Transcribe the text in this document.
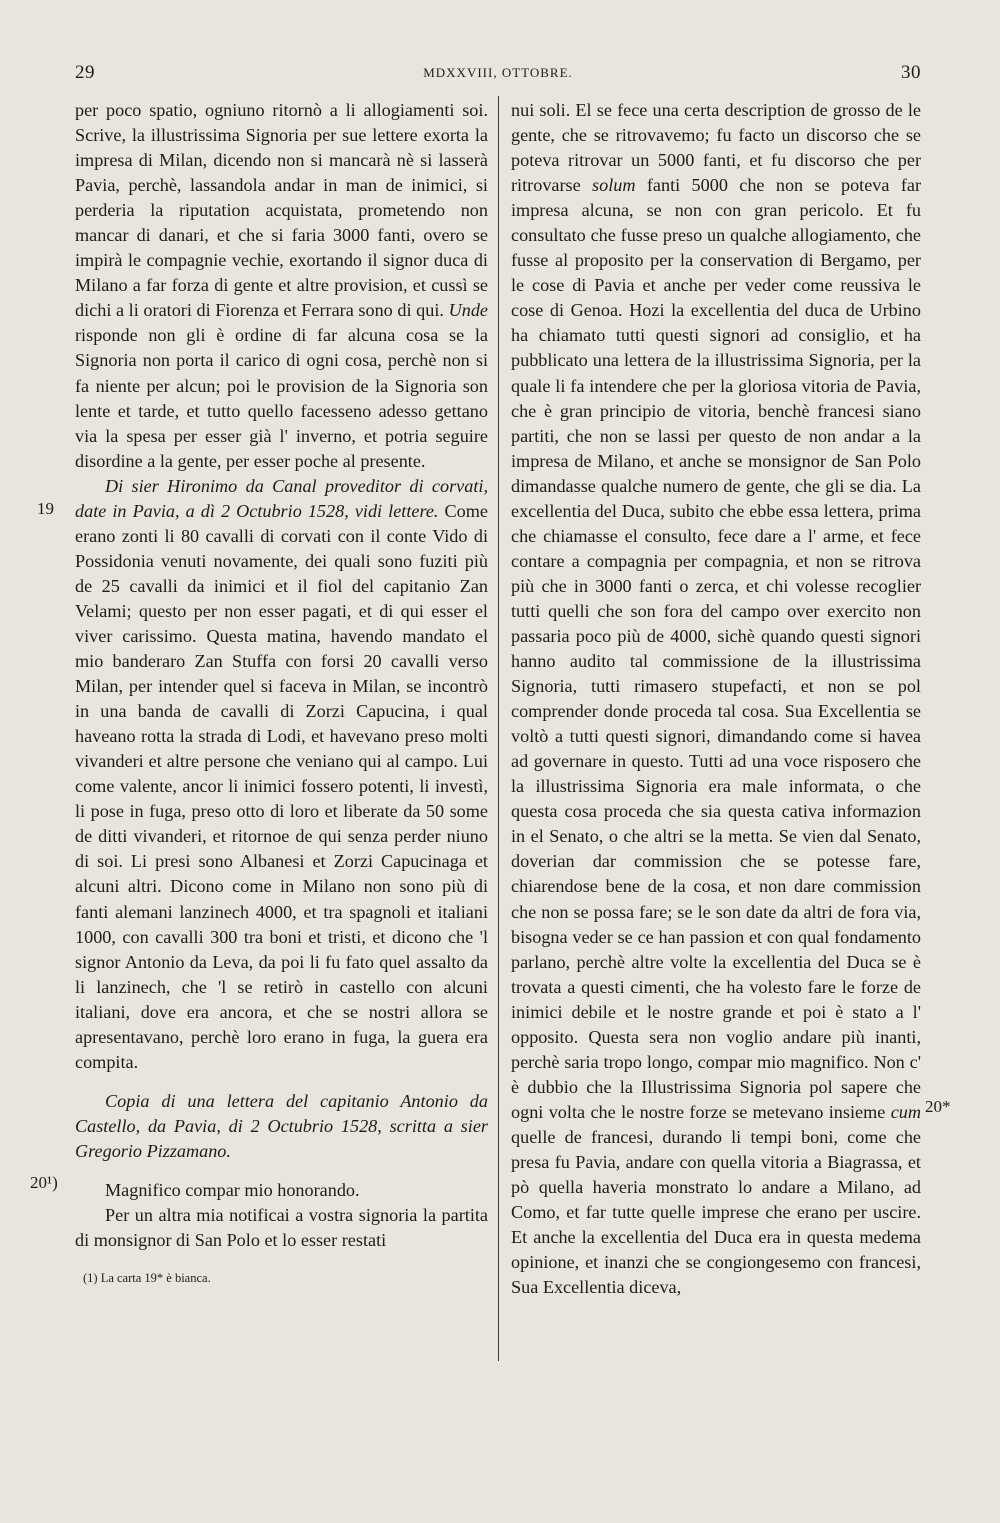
29	MDXXVIII, OTTOBRE.	30
19
20¹)
20*

per poco spatio, ogniuno ritornò a li allogiamenti soi. Scrive, la illustrissima Signoria per sue lettere exorta la impresa di Milan, dicendo non si mancarà nè si lasserà Pavia, perchè, lassandola andar in man de inimici, si perderia la riputation acquistata, prometendo non mancar di danari, et che si faria 3000 fanti, overo se impirà le compagnie vechie, exortando il signor duca di Milano a far forza di gente et altre provision, et cussì se dichi a li oratori di Fiorenza et Ferrara sono di qui. Unde risponde non gli è ordine di far alcuna cosa se la Signoria non porta il carico di ogni cosa, perchè non si fa niente per alcun; poi le provision de la Signoria son lente et tarde, et tutto quello facesseno adesso gettano via la spesa per esser già l' inverno, et potria seguire disordine a la gente, per esser poche al presente.

Di sier Hironimo da Canal proveditor di corvati, date in Pavia, a dì 2 Octubrio 1528, vidi lettere. Come erano zonti li 80 cavalli di corvati con il conte Vido di Possidonia venuti novamente, dei quali sono fuziti più de 25 cavalli da inimici et il fiol del capitanio Zan Velami; questo per non esser pagati, et di qui esser el viver carissimo. Questa matina, havendo mandato el mio banderaro Zan Stuffa con forsi 20 cavalli verso Milan, per intender quel si faceva in Milan, se incontrò in una banda de cavalli di Zorzi Capucina, i qual haveano rotta la strada di Lodi, et havevano preso molti vivanderi et altre persone che veniano qui al campo. Lui come valente, ancor li inimici fossero potenti, li investì, li pose in fuga, preso otto di loro et liberate da 50 some de ditti vivanderi, et ritornoe de qui senza perder niuno di soi. Li presi sono Albanesi et Zorzi Capucinaga et alcuni altri. Dicono come in Milano non sono più di fanti alemani lanzinech 4000, et tra spagnoli et italiani 1000, con cavalli 300 tra boni et tristi, et dicono che 'l signor Antonio da Leva, da poi li fu fato quel assalto da li lanzinech, che 'l se retirò in castello con alcuni italiani, dove era ancora, et che se nostri allora se apresentavano, perchè loro erano in fuga, la guera era compita.

Copia di una lettera del capitanio Antonio da Castello, da Pavia, di 2 Octubrio 1528, scritta a sier Gregorio Pizzamano.

Magnifico compar mio honorando.

Per un altra mia notificai a vostra signoria la partita di monsignor di San Polo et lo esser restati

(1) La carta 19* è bianca.

nui soli. El se fece una certa description de grosso de le gente, che se ritrovavemo; fu facto un discorso che se poteva ritrovar un 5000 fanti, et fu discorso che per ritrovarse solum fanti 5000 che non se poteva far impresa alcuna, se non con gran pericolo. Et fu consultato che fusse preso un qualche allogiamento, che fusse al proposito per la conservation di Bergamo, per le cose di Pavia et anche per veder come reussiva le cose di Genoa. Hozi la excellentia del duca de Urbino ha chiamato tutti questi signori ad consiglio, et ha pubblicato una lettera de la illustrissima Signoria, per la quale li fa intendere che per la gloriosa vitoria de Pavia, che è gran principio de vitoria, benchè francesi siano partiti, che non se lassi per questo de non andar a la impresa de Milano, et anche se monsignor de San Polo dimandasse qualche numero de gente, che gli se dia. La excellentia del Duca, subito che ebbe essa lettera, prima che chiamasse el consulto, fece dare a l' arme, et fece contare a compagnia per compagnia, et non se ritrova più che in 3000 fanti o zerca, et chi volesse recoglier tutti quelli che son fora del campo over exercito non passaria poco più de 4000, sichè quando questi signori hanno audito tal commissione de la illustrissima Signoria, tutti rimasero stupefacti, et non se pol comprender donde proceda tal cosa. Sua Excellentia se voltò a tutti questi signori, dimandando come si havea ad governare in questo. Tutti ad una voce risposero che la illustrissima Signoria era male informata, o che questa cosa proceda che sia questa cativa informazion in el Senato, o che altri se la metta. Se vien dal Senato, doverian dar commission che se potesse fare, chiarendose bene de la cosa, et non dare commission che non se possa fare; se le son date da altri de fora via, bisogna veder se ce han passion et con qual fondamento parlano, perchè altre volte la excellentia del Duca se è trovata a questi cimenti, che ha volesto fare le forze de inimici debile et le nostre grande et poi è stato a l' opposito. Questa sera non voglio andare più inanti, perchè saria tropo longo, compar mio magnifico. Non c' è dubbio che la Illustrissima Signoria pol sapere che ogni volta che le nostre forze se metevano insieme cum quelle de francesi, durando li tempi boni, come che presa fu Pavia, andare con quella vitoria a Biagrassa, et pò quella haveria monstrato lo andare a Milano, ad Como, et far tutte quelle imprese che erano per uscire. Et anche la excellentia del Duca era in questa medema opinione, et inanzi che se congiongesemo con francesi, Sua Excellentia diceva,
